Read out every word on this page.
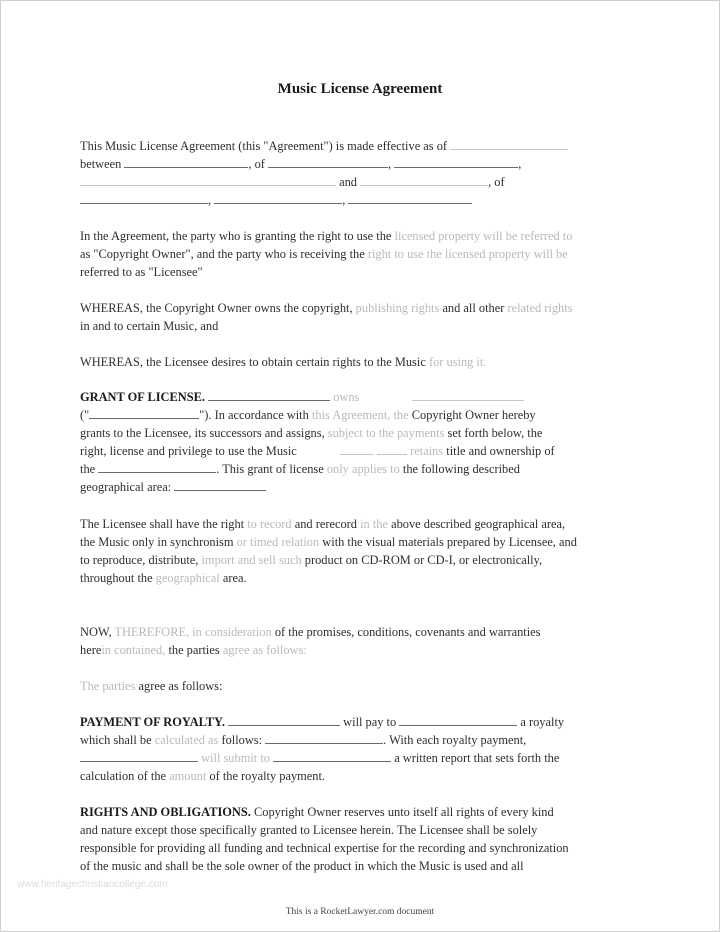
Music License Agreement
This Music License Agreement (this "Agreement") is made effective as of
between	, of	,	,
and	, of
,	,
In the Agreement, the party who is granting the right to use the licensed property will be referred to
as "Copyright Owner", and the party who is receiving the right to use the licensed property will be
referred to as "Licensee"
WHEREAS, the Copyright Owner owns the copyright, publishing rights and all other related rights
in and to certain Music, and
WHEREAS, the Licensee desires to obtain certain rights to the Music for using it.
GRANT OF LICENSE.	owns
("	"). In accordance with this Agreement, the Copyright Owner hereby
grants to the Licensee, its successors and assigns, subject to the payments set forth below, the
right, license and privilege to use the Music	retains title and ownership of
the	. This grant of license only applies to the following described
geographical area:
The Licensee shall have the right to record and rerecord in the above described geographical area,
the Music only in synchronism or timed relation with the visual materials prepared by Licensee, and
to reproduce, distribute, import and sell such product on CD-ROM or CD-I, or electronically,
throughout the geographical area.
NOW, THEREFORE, in consideration of the promises, conditions, covenants and warranties
herein contained, the parties agree as follows:
The parties agree as follows:
PAYMENT OF ROYALTY.	will pay to	a royalty
which shall be calculated as follows:	. With each royalty payment,
will submit to	a written report that sets forth the
calculation of the amount of the royalty payment.
RIGHTS AND OBLIGATIONS. Copyright Owner reserves unto itself all rights of every kind
and nature except those specifically granted to Licensee herein. The Licensee shall be solely
responsible for providing all funding and technical expertise for the recording and synchronization
of the music and shall be the sole owner of the product in which the Music is used and all
www.heritagechristiancollege.com
This is a RocketLawyer.com document
